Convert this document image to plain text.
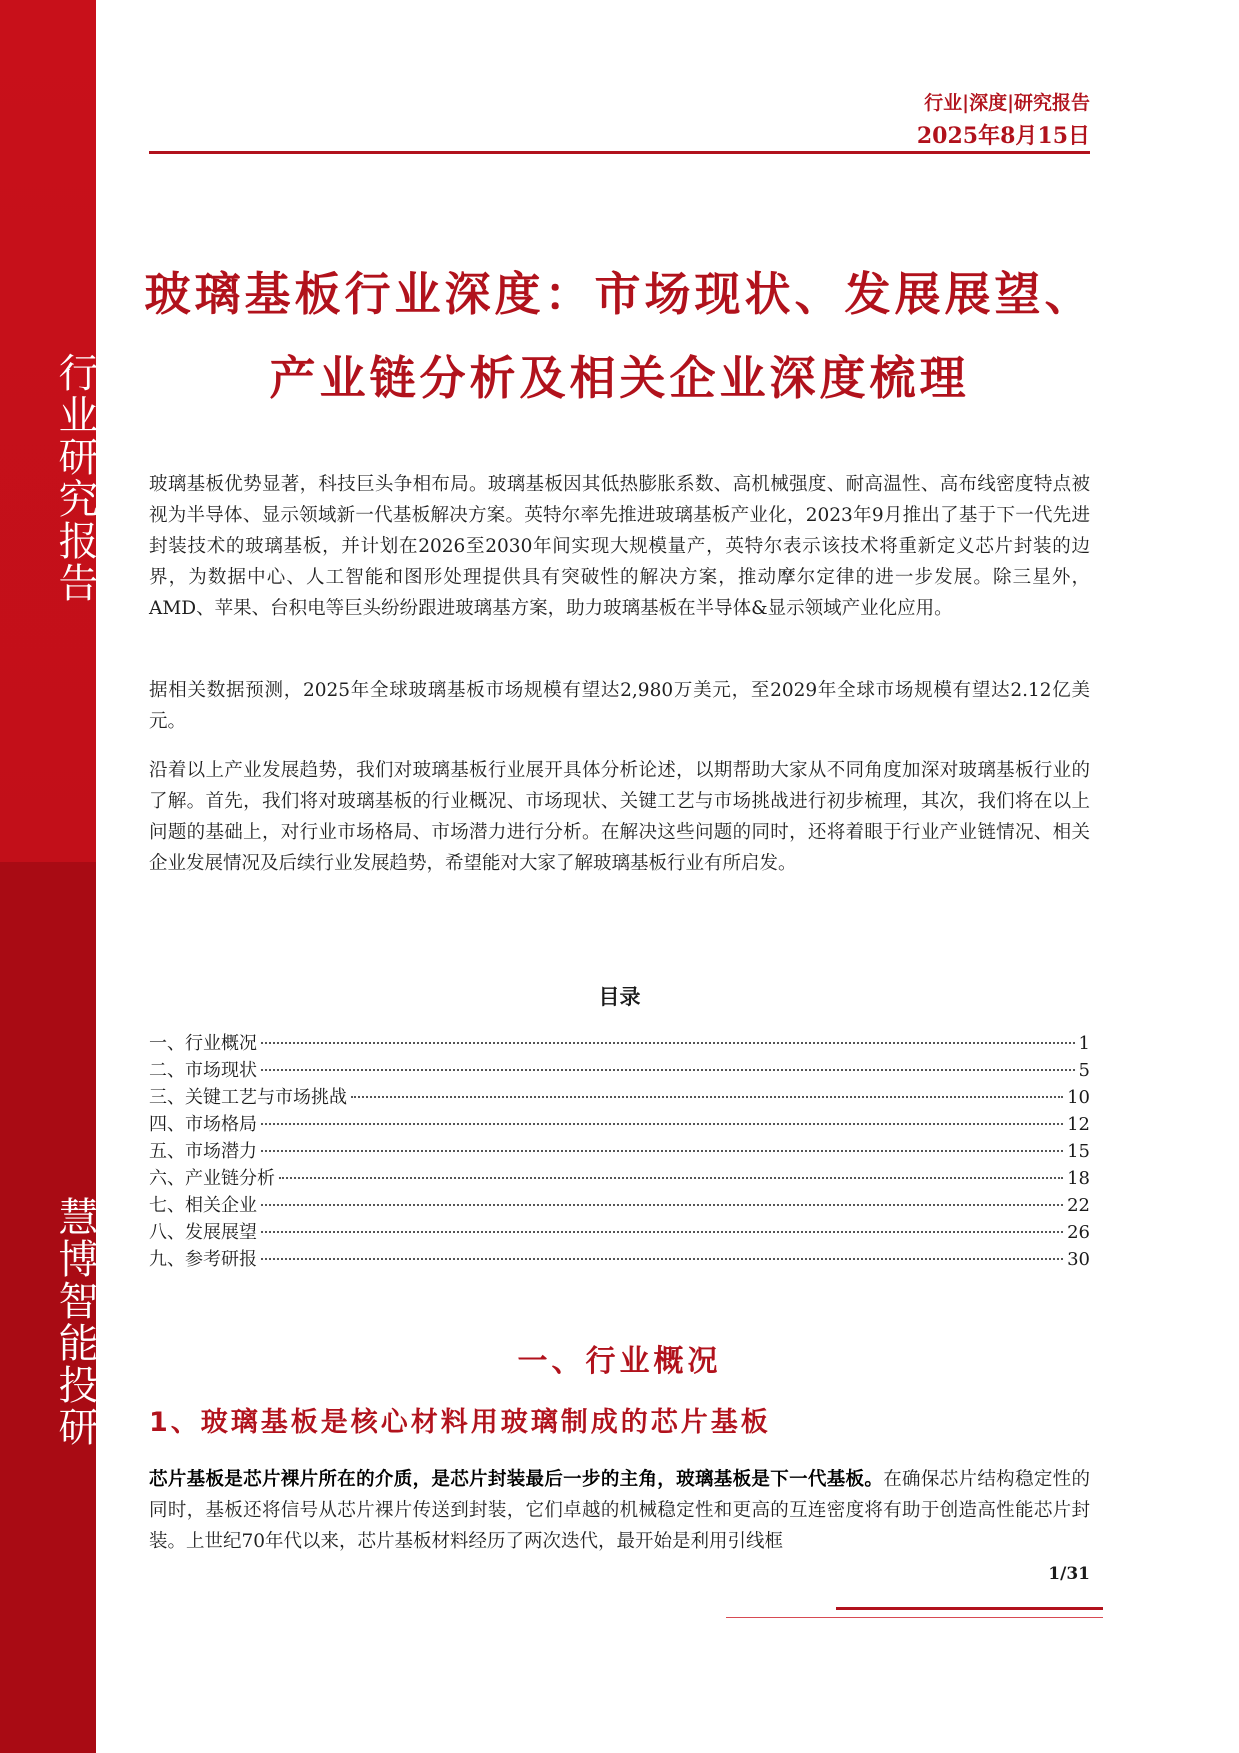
行业研究报告
慧博智能投研
行业|深度|研究报告
2025年8月15日
玻璃基板行业深度：市场现状、发展展望、
产业链分析及相关企业深度梳理
玻璃基板优势显著，科技巨头争相布局。玻璃基板因其低热膨胀系数、高机械强度、耐高温性、高布线密度特点被视为半导体、显示领域新一代基板解决方案。英特尔率先推进玻璃基板产业化，2023年9月推出了基于下一代先进封装技术的玻璃基板，并计划在2026至2030年间实现大规模量产，英特尔表示该技术将重新定义芯片封装的边界，为数据中心、人工智能和图形处理提供具有突破性的解决方案，推动摩尔定律的进一步发展。除三星外，AMD、苹果、台积电等巨头纷纷跟进玻璃基方案，助力玻璃基板在半导体&显示领域产业化应用。
据相关数据预测，2025年全球玻璃基板市场规模有望达2,980万美元，至2029年全球市场规模有望达2.12亿美元。
沿着以上产业发展趋势，我们对玻璃基板行业展开具体分析论述，以期帮助大家从不同角度加深对玻璃基板行业的了解。首先，我们将对玻璃基板的行业概况、市场现状、关键工艺与市场挑战进行初步梳理，其次，我们将在以上问题的基础上，对行业市场格局、市场潜力进行分析。在解决这些问题的同时，还将着眼于行业产业链情况、相关企业发展情况及后续行业发展趋势，希望能对大家了解玻璃基板行业有所启发。
目录
一、行业概况	1
二、市场现状	5
三、关键工艺与市场挑战	10
四、市场格局	12
五、市场潜力	15
六、产业链分析	18
七、相关企业	22
八、发展展望	26
九、参考研报	30
一、行业概况
1、玻璃基板是核心材料用玻璃制成的芯片基板
芯片基板是芯片裸片所在的介质，是芯片封装最后一步的主角，玻璃基板是下一代基板。在确保芯片结构稳定性的同时，基板还将信号从芯片裸片传送到封装，它们卓越的机械稳定性和更高的互连密度将有助于创造高性能芯片封装。上世纪70年代以来，芯片基板材料经历了两次迭代，最开始是利用引线框
1/31
